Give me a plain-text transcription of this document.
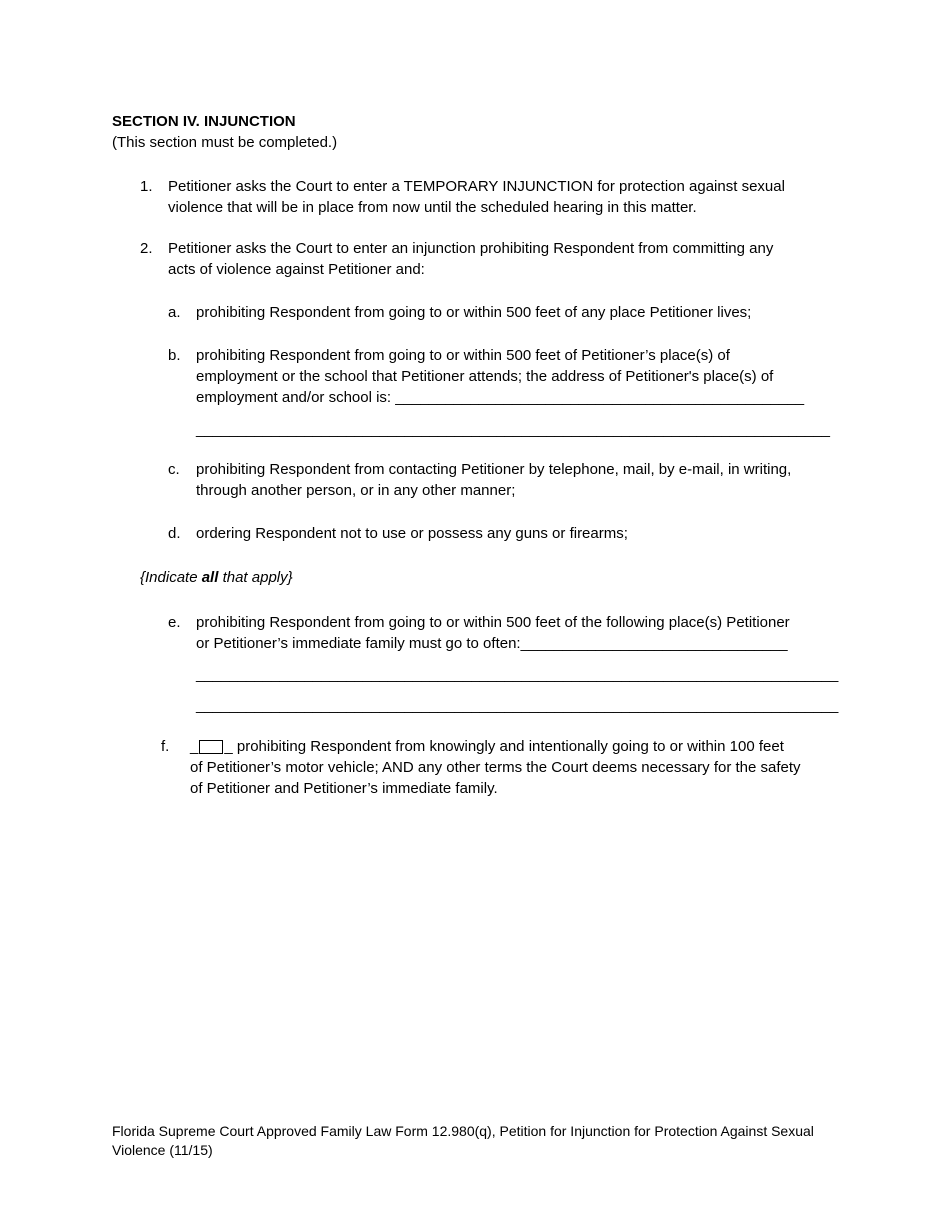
SECTION IV. INJUNCTION
(This section must be completed.)
1. Petitioner asks the Court to enter a TEMPORARY INJUNCTION for protection against sexual
violence that will be in place from now until the scheduled hearing in this matter.
2. Petitioner asks the Court to enter an injunction prohibiting Respondent from committing any
acts of violence against Petitioner and:
a. prohibiting Respondent from going to or within 500 feet of any place Petitioner lives;
b. prohibiting Respondent from going to or within 500 feet of Petitioner’s place(s) of
employment or the school that Petitioner attends; the address of Petitioner's place(s) of
employment and/or school is: _________________________________________________
____________________________________________________________________________
c. prohibiting Respondent from contacting Petitioner by telephone, mail, by e-mail, in writing,
through another person, or in any other manner;
d. ordering Respondent not to use or possess any guns or firearms;
{Indicate all that apply}
e. prohibiting Respondent from going to or within 500 feet of the following place(s) Petitioner
or Petitioner’s immediate family must go to often:________________________________
_____________________________________________________________________________
_____________________________________________________________________________
f. _ _ prohibiting Respondent from knowingly and intentionally going to or within 100 feet
of Petitioner’s motor vehicle; AND any other terms the Court deems necessary for the safety
of Petitioner and Petitioner’s immediate family.
Florida Supreme Court Approved Family Law Form 12.980(q), Petition for Injunction for Protection Against Sexual
Violence (11/15)
